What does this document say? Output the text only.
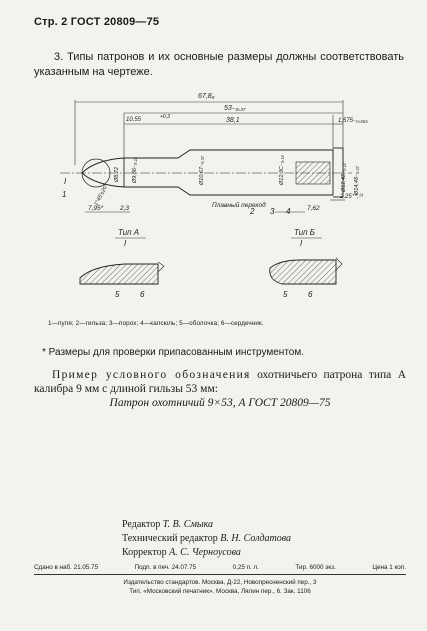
Стр. 2 ГОСТ 20809—75
3. Типы патронов и их основные размеры должны соответствовать указанным на чертеже.
67,8₈
53₋₀,₃₇
10,55	+0,3	38,1	1,575₋₀,₀₆₅
7,95*	2,3	7,62
2,25⁺⁰,¹³
Ø9,86₋₀,₂₂
Ø8,72	Ø10,67₋₀,₃₇	Ø12,3С₋₀,₁₄	Ø12,42₋₀,₁₄ Ø14,48₋₀,₂₇
1°45'±20'
1
2 3 4
5	6	5	6
I
Плавный переход
Тип А
I
Тип Б
I
1—пуля; 2—гильза; 3—порох; 4—капсюль; 5—оболочка; 6—сердечник.
* Размеры для проверки припасованным инструментом.
Пример условного обозначения охотничьего патрона типа А калибра 9 мм с длиной гильзы 53 мм:
Патрон охотничий 9×53, А ГОСТ 20809—75
Редактор Т. В. Смыка
Технический редактор В. Н. Солдатова
Корректор А. С. Черноусова
Сдано в наб. 21.05.75	Подп. в печ. 24.07.75	0,25 п. л.	Тир. 6000 экз.	Цена 1 коп.
Издательство стандартов. Москва, Д-22, Новопресненский пер., 3
Тип. «Московский печатник». Москва, Лялин пер., 6. Зак. 1106
